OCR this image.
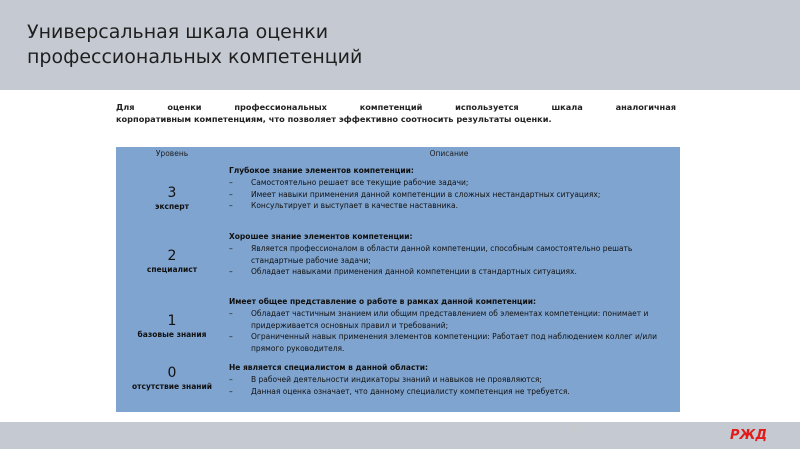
Универсальная шкала оценки
профессиональных компетенций
Для оценки профессиональных компетенций используется шкала аналогичная
корпоративным компетенциям, что позволяет эффективно соотносить результаты оценки.
Уровень	Описание
3
эксперт
Глубокое знание элементов компетенции:
– Самостоятельно решает все текущие рабочие задачи;
– Имеет навыки применения данной компетенции в сложных нестандартных ситуациях;
– Консультирует и выступает в качестве наставника.
2
специалист
Хорошее знание элементов компетенции:
– Является профессионалом в области данной компетенции, способным самостоятельно решать стандартные рабочие задачи;
– Обладает навыками применения данной компетенции в стандартных ситуациях.
1
базовые знания
Имеет общее представление о работе в рамках данной компетенции:
– Обладает частичным знанием или общим представлением об элементах компетенции: понимает и придерживается основных правил и требований;
– Ограниченный навык применения элементов компетенции: Работает под наблюдением коллег и/или прямого руководителя.
0
отсутствие знаний
Не является специалистом в данной области:
– В рабочей деятельности индикаторы знаний и навыков не проявляются;
– Данная оценка означает, что данному специалисту компетенция не требуется.
83
РЖД
